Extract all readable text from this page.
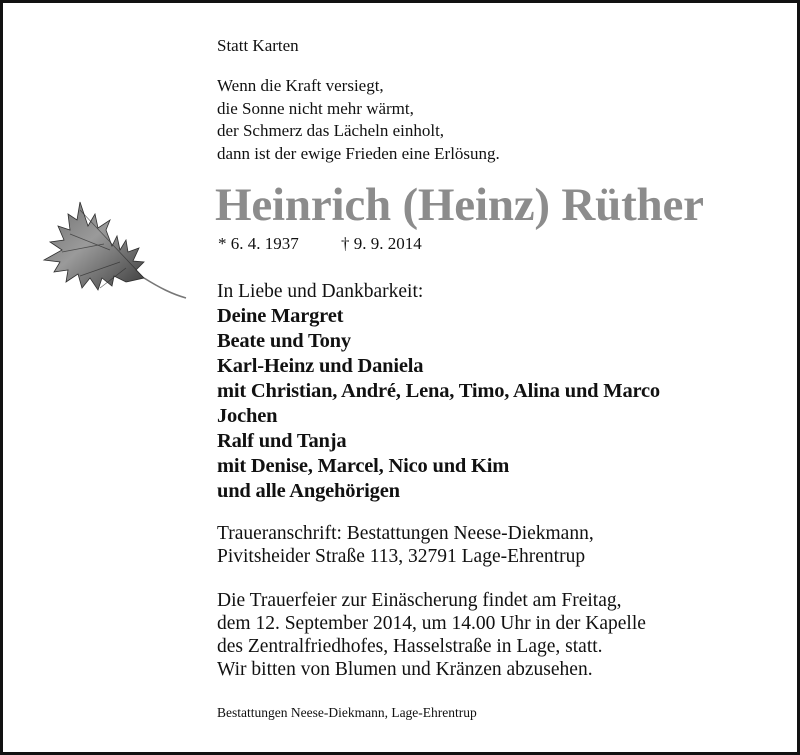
Statt Karten
Wenn die Kraft versiegt,
die Sonne nicht mehr wärmt,
der Schmerz das Lächeln einholt,
dann ist der ewige Frieden eine Erlösung.
Heinrich (Heinz) Rüther
* 6. 4. 1937 † 9. 9. 2014
In Liebe und Dankbarkeit:
Deine Margret
Beate und Tony
Karl-Heinz und Daniela
mit Christian, André, Lena, Timo, Alina und Marco
Jochen
Ralf und Tanja
mit Denise, Marcel, Nico und Kim
und alle Angehörigen
Traueranschrift: Bestattungen Neese-Diekmann,
Pivitsheider Straße 113, 32791 Lage-Ehrentrup
Die Trauerfeier zur Einäscherung findet am Freitag,
dem 12. September 2014, um 14.00 Uhr in der Kapelle
des Zentralfriedhofes, Hasselstraße in Lage, statt.
Wir bitten von Blumen und Kränzen abzusehen.
Bestattungen Neese-Diekmann, Lage-Ehrentrup
